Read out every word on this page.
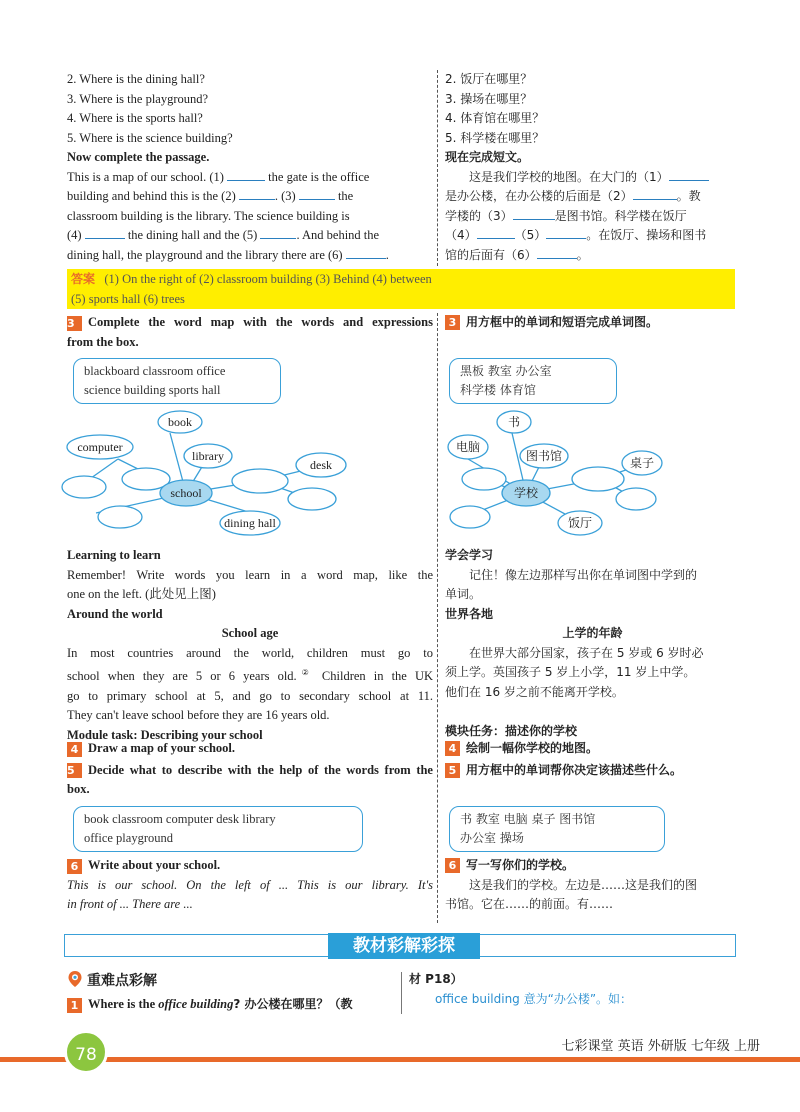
2. Where is the dining hall?
3. Where is the playground?
4. Where is the sports hall?
5. Where is the science building?
Now complete the passage.
This is a map of our school. (1)	the gate is the office
building and behind this is the (2)	. (3)	the
classroom building is the library. The science building is
(4)	the dining hall and the (5)	. And behind the
dining hall, the playground and the library there are (6)	.
2. 饭厅在哪里？
3. 操场在哪里？
4. 体育馆在哪里？
5. 科学楼在哪里？
现在完成短文。
这是我们学校的地图。在大门的（1）
是办公楼，在办公楼的后面是（2）	。教
学楼的（3）	是图书馆。科学楼在饭厅
（4）	（5）	。在饭厅、操场和图书
馆的后面有（6）	。
答案 (1) On the right of (2) classroom building (3) Behind (4) between
(5) sports hall (6) trees
3 Complete the word map with the words and expressions
from the box.
3 用方框中的单词和短语完成单词图。
blackboard classroom office
science building sports hall
黑板 教室 办公室
科学楼 体育馆
book
computer
library
desk
school
dining hall
书
电脑
图书馆	桌子
学校
饭厅
Learning to learn
Remember! Write words you learn in a word map, like the
one on the left. (此处见上图)
Around the world
School age
In most countries around the world, children must go to
school when they are 5 or 6 years old.② Children in the UK
go to primary school at 5, and go to secondary school at 11.
They can't leave school before they are 16 years old.
Module task: Describing your school
学会学习
记住！像左边那样写出你在单词图中学到的
单词。
世界各地
上学的年龄
在世界大部分国家，孩子在 5 岁或 6 岁时必
须上学。英国孩子 5 岁上小学，11 岁上中学。
他们在 16 岁之前不能离开学校。

模块任务：描述你的学校
4 Draw a map of your school.
5 Decide what to describe with the help of the words from the
box.
4 绘制一幅你学校的地图。
5 用方框中的单词帮你决定该描述些什么。
book classroom computer desk library
office playground
书 教室 电脑 桌子 图书馆
办公室 操场
6 Write about your school.
This is our school. On the left of ... This is our library. It's
in front of ... There are ...
6 写一写你们的学校。
这是我们的学校。左边是……这是我们的图
书馆。它在……的前面。有……
教材彩解彩探
重难点彩解
1 Where is the office building? 办公楼在哪里？（教
材 P18）
office building 意为“办公楼”。如：
78	七彩课堂 英语 外研版 七年级 上册
